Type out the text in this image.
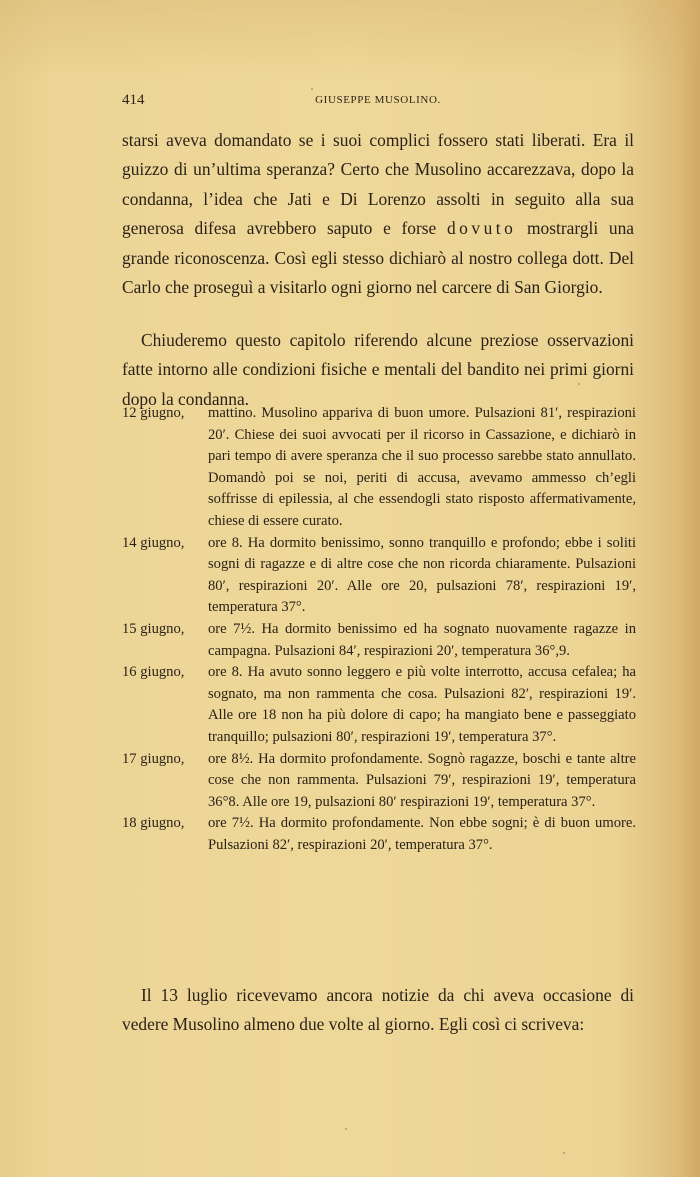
414	GIUSEPPE MUSOLINO.

starsi aveva domandato se i suoi complici fossero stati liberati. Era il guizzo di un’ultima speranza? Certo che Musolino accarezzava, dopo la condanna, l’idea che Jati e Di Lorenzo assolti in seguito alla sua generosa difesa avrebbero saputo e forse dovuto mostrargli una grande riconoscenza. Così egli stesso dichiarò al nostro collega dott. Del Carlo che proseguì a visitarlo ogni giorno nel carcere di San Giorgio.

Chiuderemo questo capitolo riferendo alcune preziose osservazioni fatte intorno alle condizioni fisiche e mentali del bandito nei primi giorni dopo la condanna.

12 giugno,	mattino. Musolino appariva di buon umore. Pulsazioni 81′, respirazioni 20′. Chiese dei suoi avvocati per il ricorso in Cassazione, e dichiarò in pari tempo di avere speranza che il suo processo sarebbe stato annullato. Domandò poi se noi, periti di accusa, avevamo ammesso ch’egli soffrisse di epilessia, al che essendogli stato risposto affermativamente, chiese di essere curato.
14 giugno,	ore 8. Ha dormito benissimo, sonno tranquillo e profondo; ebbe i soliti sogni di ragazze e di altre cose che non ricorda chiaramente. Pulsazioni 80′, respirazioni 20′. Alle ore 20, pulsazioni 78′, respirazioni 19′, temperatura 37°.
15 giugno,	ore 7½. Ha dormito benissimo ed ha sognato nuovamente ragazze in campagna. Pulsazioni 84′, respirazioni 20′, temperatura 36°,9.
16 giugno,	ore 8. Ha avuto sonno leggero e più volte interrotto, accusa cefalea; ha sognato, ma non rammenta che cosa. Pulsazioni 82′, respirazioni 19′. Alle ore 18 non ha più dolore di capo; ha mangiato bene e passeggiato tranquillo; pulsazioni 80′, respirazioni 19′, temperatura 37°.
17 giugno,	ore 8½. Ha dormito profondamente. Sognò ragazze, boschi e tante altre cose che non rammenta. Pulsazioni 79′, respirazioni 19′, temperatura 36°8. Alle ore 19, pulsazioni 80′ respirazioni 19′, temperatura 37°.
18 giugno,	ore 7½. Ha dormito profondamente. Non ebbe sogni; è di buon umore. Pulsazioni 82′, respirazioni 20′, temperatura 37°.

Il 13 luglio ricevevamo ancora notizie da chi aveva occasione di vedere Musolino almeno due volte al giorno. Egli così ci scriveva:
